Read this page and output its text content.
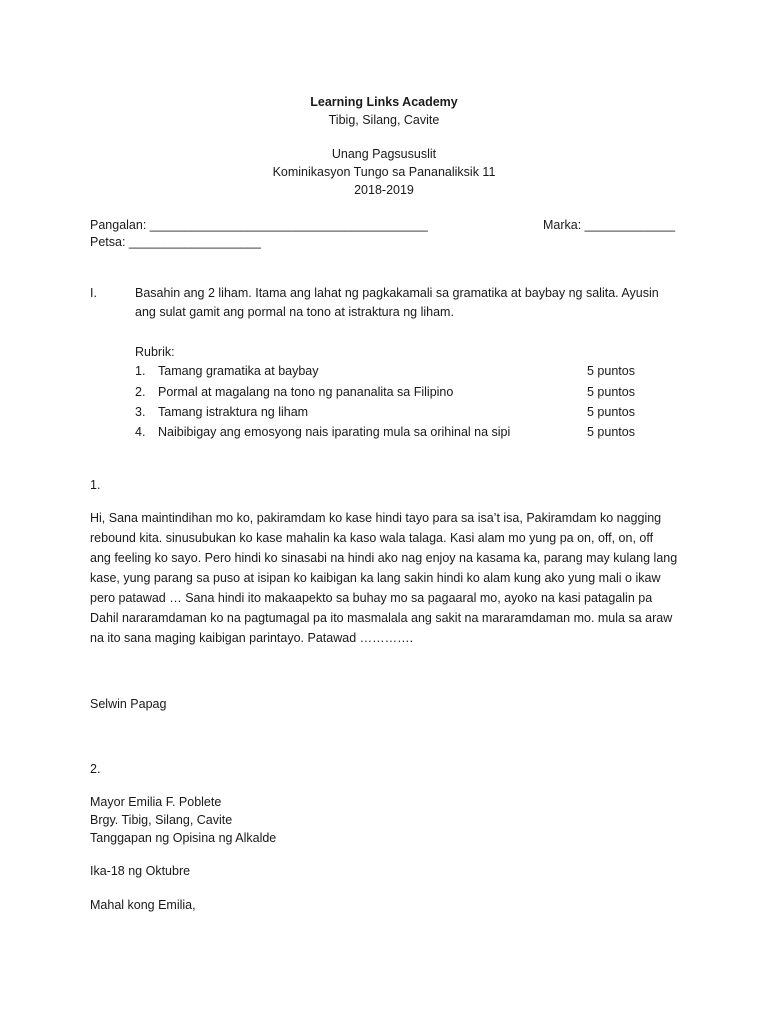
Learning Links Academy
Tibig, Silang, Cavite
Unang Pagsususlit
Kominikasyon Tungo sa Pananaliksik 11
2018-2019
Pangalan: ________________________________________	Marka: _____________
Petsa: ___________________
I.	Basahin ang 2 liham. Itama ang lahat ng pagkakamali sa gramatika at baybay ng salita. Ayusin
ang sulat gamit ang pormal na tono at istraktura ng liham.
Rubrik:
1. Tamang gramatika at baybay	5 puntos
2. Pormal at magalang na tono ng pananalita sa Filipino	5 puntos
3. Tamang istraktura ng liham	5 puntos
4. Naibibigay ang emosyong nais iparating mula sa orihinal na sipi	5 puntos
1.
Hi, Sana maintindihan mo ko, pakiramdam ko kase hindi tayo para sa isa’t isa, Pakiramdam ko nagging
rebound kita. sinusubukan ko kase mahalin ka kaso wala talaga. Kasi alam mo yung pa on, off, on, off
ang feeling ko sayo. Pero hindi ko sinasabi na hindi ako nag enjoy na kasama ka, parang may kulang lang
kase, yung parang sa puso at isipan ko kaibigan ka lang sakin hindi ko alam kung ako yung mali o ikaw
pero patawad … Sana hindi ito makaapekto sa buhay mo sa pagaaral mo, ayoko na kasi patagalin pa
Dahil nararamdaman ko na pagtumagal pa ito masmalala ang sakit na mararamdaman mo. mula sa araw
na ito sana maging kaibigan parintayo. Patawad ………….
Selwin Papag
2.
Mayor Emilia F. Poblete
Brgy. Tibig, Silang, Cavite
Tanggapan ng Opisina ng Alkalde
Ika-18 ng Oktubre
Mahal kong Emilia,
